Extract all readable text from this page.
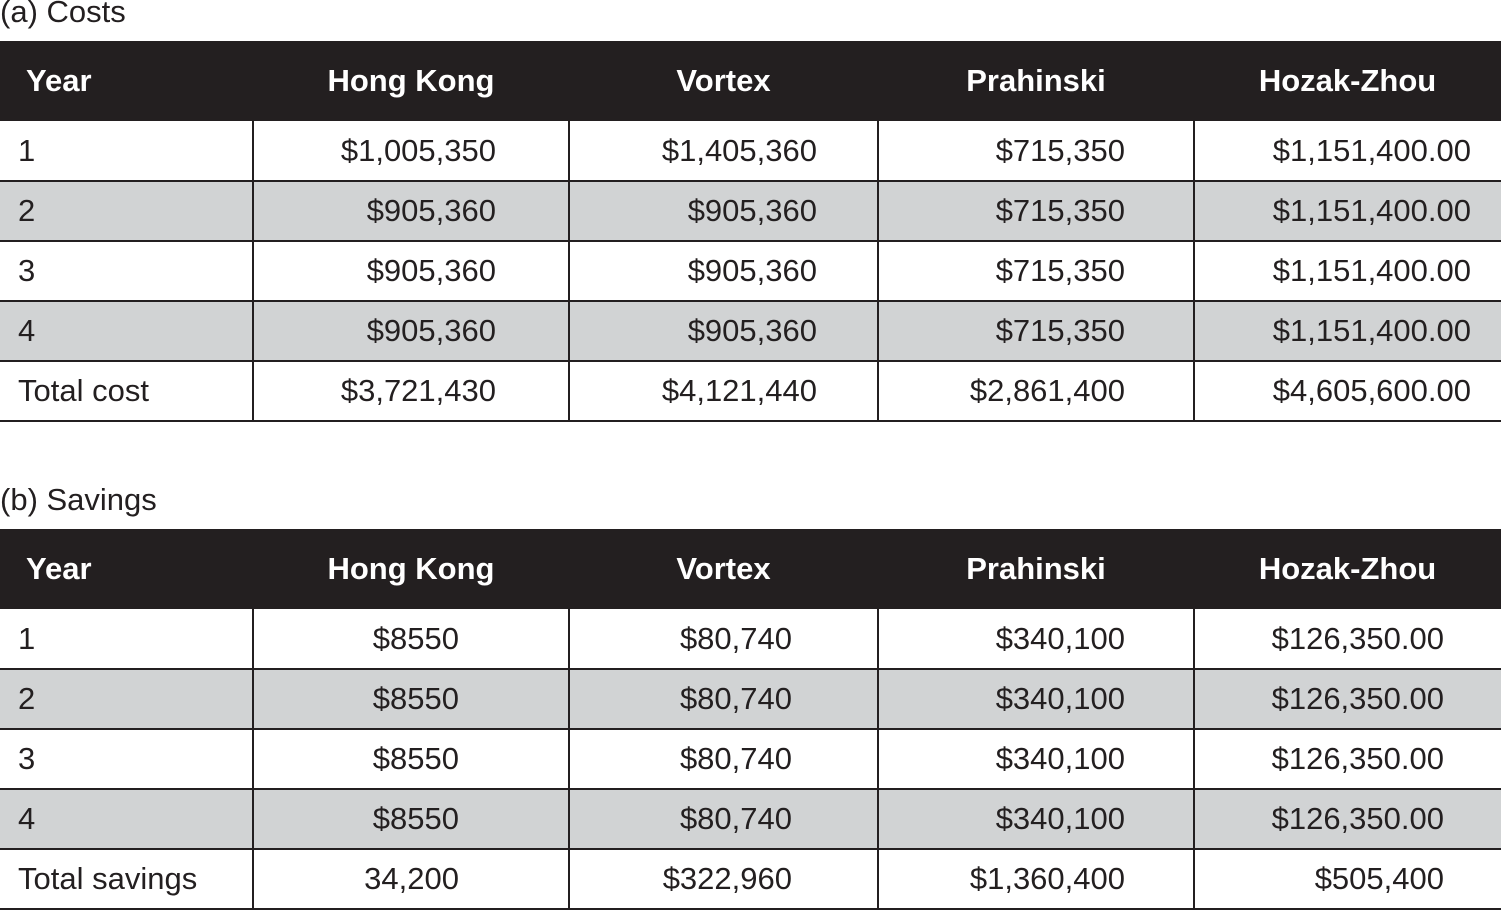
(a) Costs
Year	Hong Kong	Vortex	Prahinski	Hozak-Zhou
1	$1,005,350	$1,405,360	$715,350	$1,151,400.00
2	$905,360	$905,360	$715,350	$1,151,400.00
3	$905,360	$905,360	$715,350	$1,151,400.00
4	$905,360	$905,360	$715,350	$1,151,400.00
Total cost	$3,721,430	$4,121,440	$2,861,400	$4,605,600.00
(b) Savings
Year	Hong Kong	Vortex	Prahinski	Hozak-Zhou
1	$8550	$80,740	$340,100	$126,350.00
2	$8550	$80,740	$340,100	$126,350.00
3	$8550	$80,740	$340,100	$126,350.00
4	$8550	$80,740	$340,100	$126,350.00
Total savings	34,200	$322,960	$1,360,400	$505,400
